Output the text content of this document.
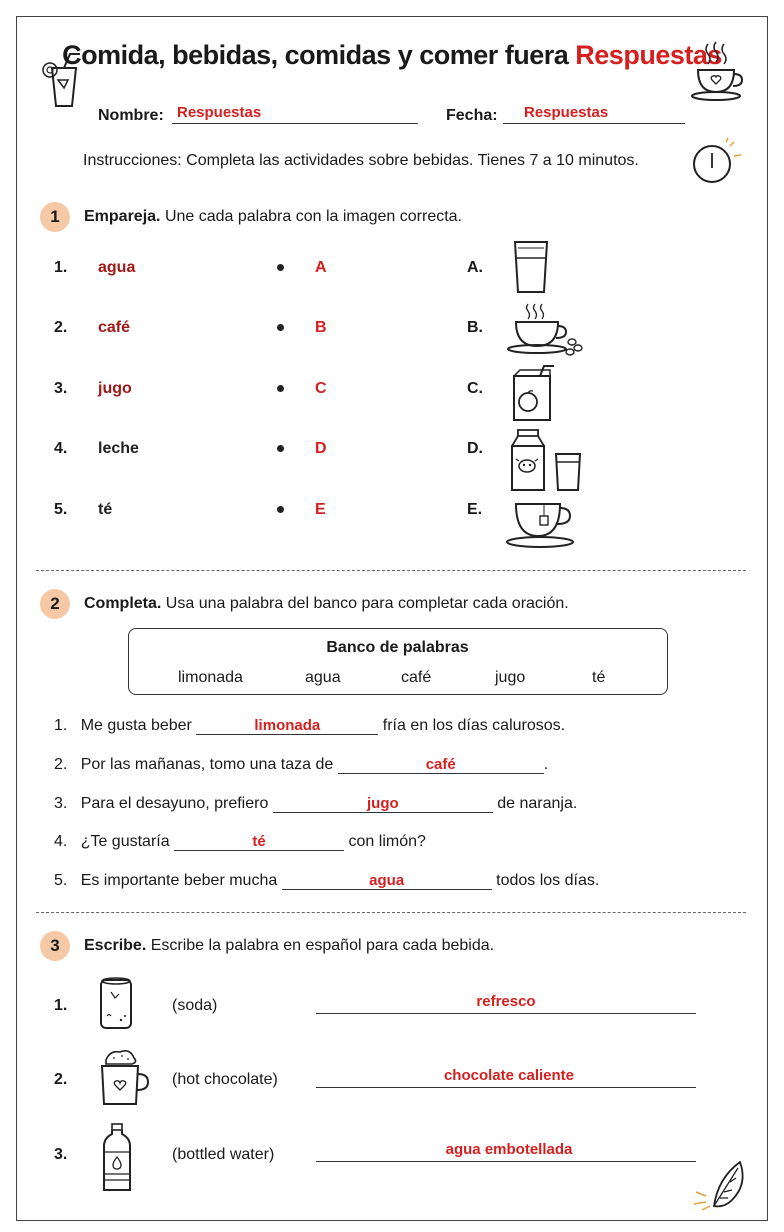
Comida, bebidas, comidas y comer fuera Respuestas
Nombre: Respuestas	Fecha: Respuestas
Instrucciones: Completa las actividades sobre bebidas. Tienes 7 a 10 minutos.
1	Empareja. Une cada palabra con la imagen correcta.
1. agua	A	A.
2. café	B	B.
3. jugo	C	C.
4. leche	D	D.
5. té	E	E.
2	Completa. Usa una palabra del banco para completar cada oración.
Banco de palabras
limonada	agua	café	jugo	té
1. Me gusta beber	limonada	fría en los días calurosos.
2. Por las mañanas, tomo una taza de	café	.
3. Para el desayuno, prefiero	jugo	de naranja.
4. ¿Te gustaría	té	con limón?
5. Es importante beber mucha	agua	todos los días.
3	Escribe. Escribe la palabra en español para cada bebida.
1.	(soda)	refresco
2.	(hot chocolate)	chocolate caliente
3.	(bottled water)	agua embotellada
